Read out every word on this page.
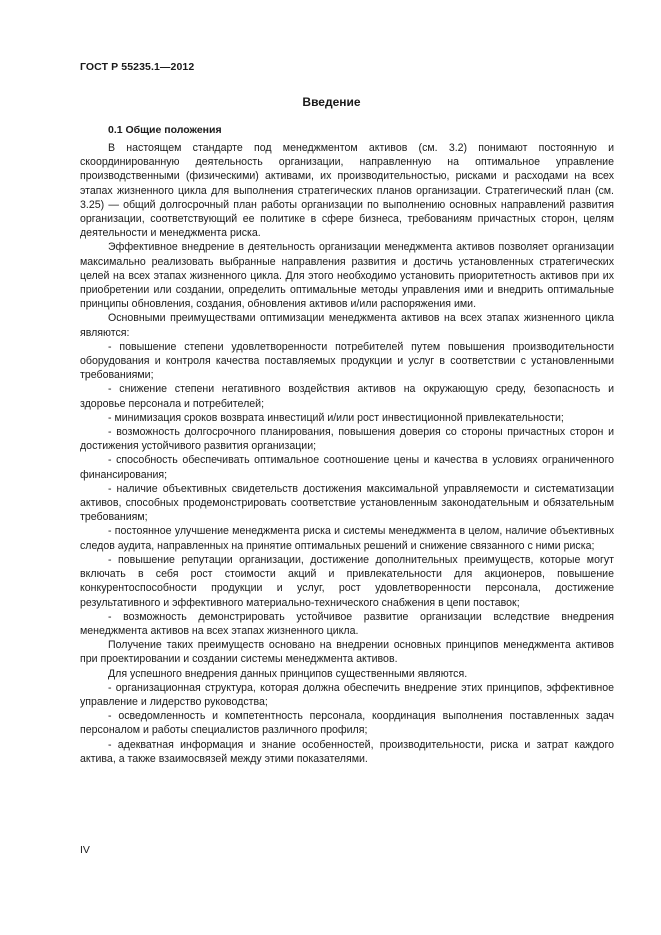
ГОСТ Р 55235.1—2012
Введение
0.1 Общие положения

В настоящем стандарте под менеджментом активов (см. 3.2) понимают постоянную и скоординированную деятельность организации, направленную на оптимальное управление производственными (физическими) активами, их производительностью, рисками и расходами на всех этапах жизненного цикла для выполнения стратегических планов организации. Стратегический план (см. 3.25) — общий долгосрочный план работы организации по выполнению основных направлений развития организации, соответствующий ее политике в сфере бизнеса, требованиям причастных сторон, целям деятельности и менеджмента риска.

Эффективное внедрение в деятельность организации менеджмента активов позволяет организации максимально реализовать выбранные направления развития и достичь установленных стратегических целей на всех этапах жизненного цикла. Для этого необходимо установить приоритетность активов при их приобретении или создании, определить оптимальные методы управления ими и внедрить оптимальные принципы обновления, создания, обновления активов и/или распоряжения ими.

Основными преимуществами оптимизации менеджмента активов на всех этапах жизненного цикла являются:

- повышение степени удовлетворенности потребителей путем повышения производительности оборудования и контроля качества поставляемых продукции и услуг в соответствии с установленными требованиями;

- снижение степени негативного воздействия активов на окружающую среду, безопасность и здоровье персонала и потребителей;

- минимизация сроков возврата инвестиций и/или рост инвестиционной привлекательности;

- возможность долгосрочного планирования, повышения доверия со стороны причастных сторон и достижения устойчивого развития организации;

- способность обеспечивать оптимальное соотношение цены и качества в условиях ограниченного финансирования;

- наличие объективных свидетельств достижения максимальной управляемости и систематизации активов, способных продемонстрировать соответствие установленным законодательным и обязательным требованиям;

- постоянное улучшение менеджмента риска и системы менеджмента в целом, наличие объективных следов аудита, направленных на принятие оптимальных решений и снижение связанного с ними риска;

- повышение репутации организации, достижение дополнительных преимуществ, которые могут включать в себя рост стоимости акций и привлекательности для акционеров, повышение конкурентоспособности продукции и услуг, рост удовлетворенности персонала, достижение результативного и эффективного материально-технического снабжения в цепи поставок;

- возможность демонстрировать устойчивое развитие организации вследствие внедрения менеджмента активов на всех этапах жизненного цикла.

Получение таких преимуществ основано на внедрении основных принципов менеджмента активов при проектировании и создании системы менеджмента активов.

Для успешного внедрения данных принципов существенными являются.

- организационная структура, которая должна обеспечить внедрение этих принципов, эффективное управление и лидерство руководства;

- осведомленность и компетентность персонала, координация выполнения поставленных задач персоналом и работы специалистов различного профиля;

- адекватная информация и знание особенностей, производительности, риска и затрат каждого актива, а также взаимосвязей между этими показателями.

IV
